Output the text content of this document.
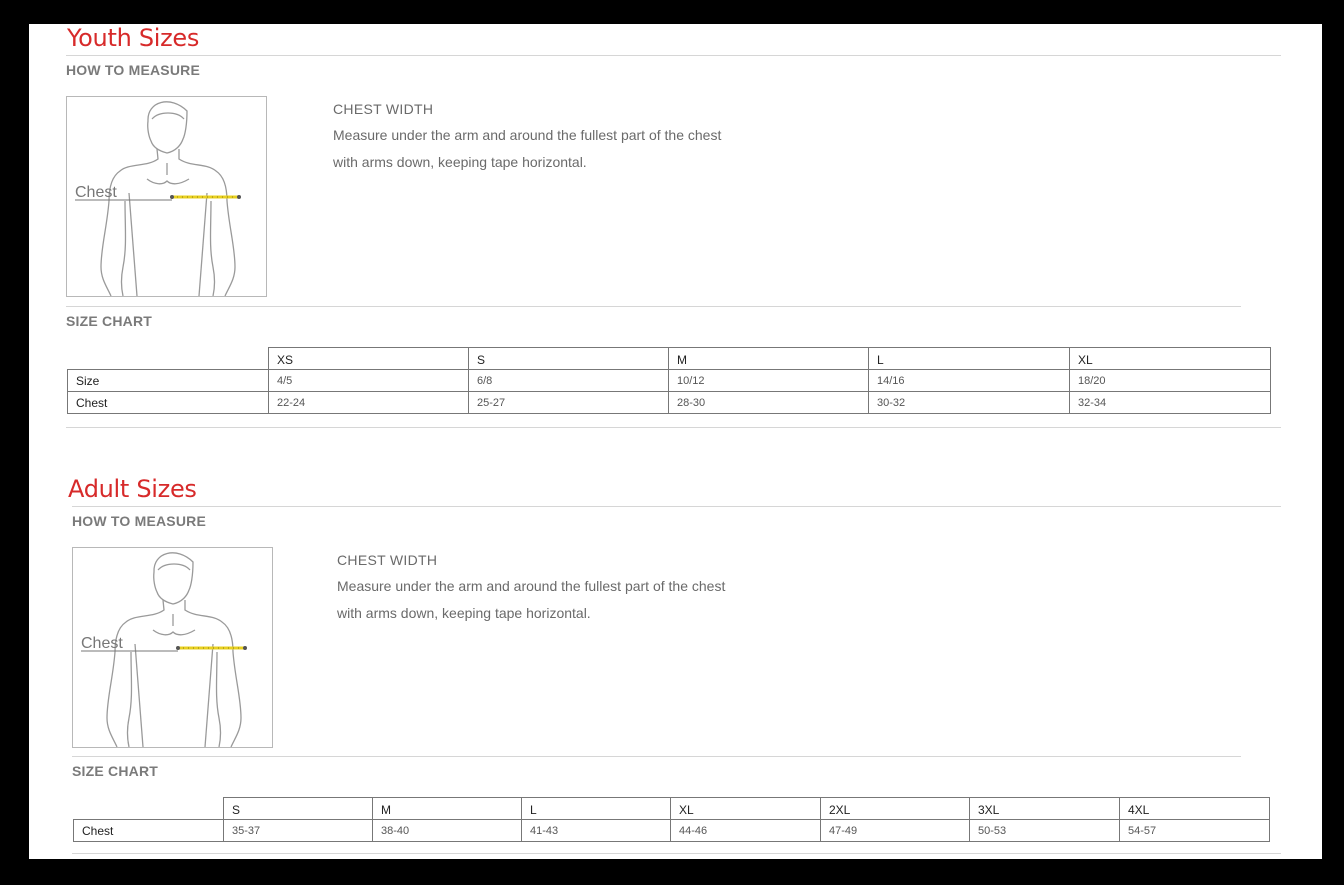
Youth Sizes
HOW TO MEASURE
Chest
CHEST WIDTH
Measure under the arm and around the fullest part of the chest
with arms down, keeping tape horizontal.
SIZE CHART
	XS	S	M	L	XL
Size	4/5	6/8	10/12	14/16	18/20
Chest	22-24	25-27	28-30	30-32	32-34
Adult Sizes
HOW TO MEASURE
Chest
CHEST WIDTH
Measure under the arm and around the fullest part of the chest
with arms down, keeping tape horizontal.
SIZE CHART
	S	M	L	XL	2XL	3XL	4XL
Chest	35-37	38-40	41-43	44-46	47-49	50-53	54-57
